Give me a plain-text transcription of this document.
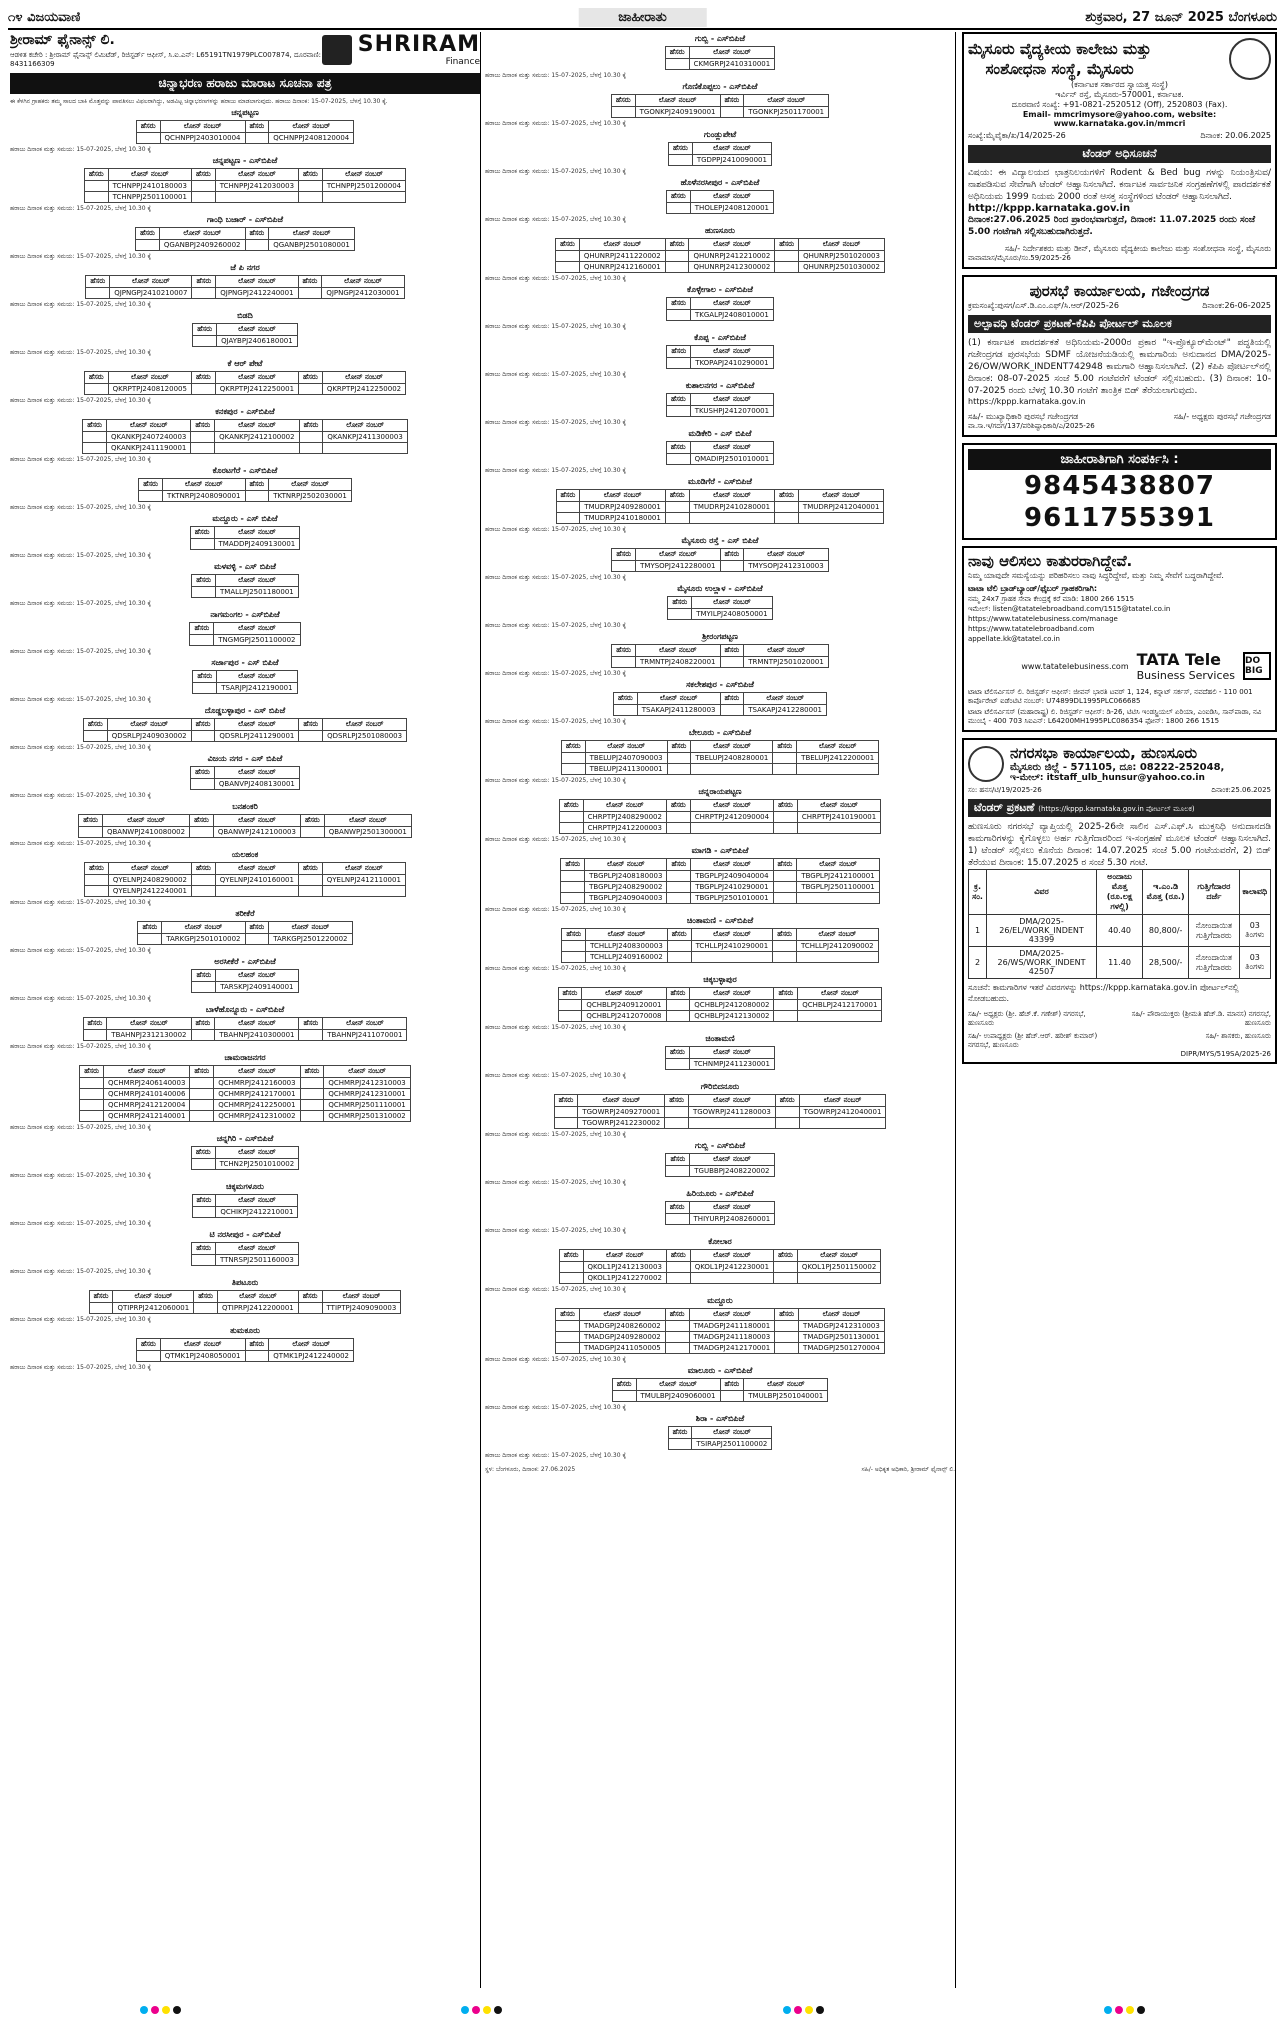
೧೪ ವಿಜಯವಾಣಿ	ಜಾಹೀರಾತು	ಶುಕ್ರವಾರ, 27 ಜೂನ್ 2025 ಬೆಂಗಳೂರು
ಶ್ರೀರಾಮ್ ಫೈನಾನ್ಸ್ ಲಿ.
ಆಡಳಿತ ಕಚೇರಿ : ಶ್ರೀರಾಮ್ ಫೈನಾನ್ಸ್ ಲಿಮಿಟೆಡ್, ರಿಜಿಸ್ಟರ್ಡ್ ಆಫೀಸ್, ಸಿ.ಐ.ಎನ್: L65191TN1979PLC007874, ದೂರವಾಣಿ: 8431166309
SHRIRAM
Finance
ಚಿನ್ನಾಭರಣ ಹರಾಜು ಮಾರಾಟ ಸೂಚನಾ ಪತ್ರ
ಈ ಕೆಳಗಿನ ಗ್ರಾಹಕರು ತಮ್ಮ ಸಾಲದ ಬಾಕಿ ಮೊತ್ತವನ್ನು ಪಾವತಿಸಲು ವಿಫಲರಾಗಿದ್ದು, ಅಡವಿಟ್ಟ ಚಿನ್ನಾಭರಣಗಳನ್ನು ಹರಾಜು ಮಾಡಲಾಗುವುದು. ಹರಾಜು ದಿನಾಂಕ: 15-07-2025, ಬೆಳಗ್ಗೆ 10.30 ಕ್ಕೆ.
ಚನ್ನಪಟ್ಟಣ
ಹೆಸರು	ಲೋನ್ ನಂಬರ್	ಹೆಸರು	ಲೋನ್ ನಂಬರ್
	QCHNPPJ2403010004		QCHNPPJ2408120004
ಹರಾಜು ದಿನಾಂಕ ಮತ್ತು ಸಮಯ: 15-07-2025, ಬೆಳಗ್ಗೆ 10.30 ಕ್ಕೆ
ಚನ್ನಪಟ್ಟಣ - ಎಸ್‌ಬಿಪಿಜೆ
ಹೆಸರು	ಲೋನ್ ನಂಬರ್	ಹೆಸರು	ಲೋನ್ ನಂಬರ್	ಹೆಸರು	ಲೋನ್ ನಂಬರ್
	TCHNPPJ2410180003		TCHNPPJ2412030003		TCHNPPJ2501200004
	TCHNPPJ2501100001				
ಹರಾಜು ದಿನಾಂಕ ಮತ್ತು ಸಮಯ: 15-07-2025, ಬೆಳಗ್ಗೆ 10.30 ಕ್ಕೆ
ಗಾಂಧಿ ಬಜಾರ್ - ಎಸ್‌ಬಿಪಿಜೆ
ಹೆಸರು	ಲೋನ್ ನಂಬರ್	ಹೆಸರು	ಲೋನ್ ನಂಬರ್
	QGANBPJ2409260002		QGANBPJ2501080001
ಹರಾಜು ದಿನಾಂಕ ಮತ್ತು ಸಮಯ: 15-07-2025, ಬೆಳಗ್ಗೆ 10.30 ಕ್ಕೆ
ಜೆ ಪಿ ನಗರ
ಹೆಸರು	ಲೋನ್ ನಂಬರ್	ಹೆಸರು	ಲೋನ್ ನಂಬರ್	ಹೆಸರು	ಲೋನ್ ನಂಬರ್
	QJPNGPJ2410210007		QJPNGPJ2412240001		QJPNGPJ2412030001
ಹರಾಜು ದಿನಾಂಕ ಮತ್ತು ಸಮಯ: 15-07-2025, ಬೆಳಗ್ಗೆ 10.30 ಕ್ಕೆ
ಬಿಡದಿ
ಹೆಸರು	ಲೋನ್ ನಂಬರ್
	QJAYBPJ2406180001
ಹರಾಜು ದಿನಾಂಕ ಮತ್ತು ಸಮಯ: 15-07-2025, ಬೆಳಗ್ಗೆ 10.30 ಕ್ಕೆ
ಕೆ ಆರ್ ಪೇಟೆ
ಹೆಸರು	ಲೋನ್ ನಂಬರ್	ಹೆಸರು	ಲೋನ್ ನಂಬರ್	ಹೆಸರು	ಲೋನ್ ನಂಬರ್
	QKRPTPJ2408120005		QKRPTPJ2412250001		QKRPTPJ2412250002
ಹರಾಜು ದಿನಾಂಕ ಮತ್ತು ಸಮಯ: 15-07-2025, ಬೆಳಗ್ಗೆ 10.30 ಕ್ಕೆ
ಕನಕಪುರ - ಎಸ್‌ಬಿಪಿಜೆ
ಹೆಸರು	ಲೋನ್ ನಂಬರ್	ಹೆಸರು	ಲೋನ್ ನಂಬರ್	ಹೆಸರು	ಲೋನ್ ನಂಬರ್
	QKANKPJ2407240003		QKANKPJ2412100002		QKANKPJ2411300003
	QKANKPJ2411190001				
ಹರಾಜು ದಿನಾಂಕ ಮತ್ತು ಸಮಯ: 15-07-2025, ಬೆಳಗ್ಗೆ 10.30 ಕ್ಕೆ
ಕೊರಟಗೆರೆ - ಎಸ್‌ಬಿಪಿಜೆ
ಹೆಸರು	ಲೋನ್ ನಂಬರ್	ಹೆಸರು	ಲೋನ್ ನಂಬರ್
	TKTNRPJ2408090001		TKTNRPJ2502030001
ಹರಾಜು ದಿನಾಂಕ ಮತ್ತು ಸಮಯ: 15-07-2025, ಬೆಳಗ್ಗೆ 10.30 ಕ್ಕೆ
ಮದ್ದೂರು - ಎಸ್ ಬಿಪಿಜೆ
ಹೆಸರು	ಲೋನ್ ನಂಬರ್
	TMADDPJ2409130001
ಹರಾಜು ದಿನಾಂಕ ಮತ್ತು ಸಮಯ: 15-07-2025, ಬೆಳಗ್ಗೆ 10.30 ಕ್ಕೆ
ಮಳವಳ್ಳಿ - ಎಸ್ ಬಿಪಿಜೆ
ಹೆಸರು	ಲೋನ್ ನಂಬರ್
	TMALLPJ2501180001
ಹರಾಜು ದಿನಾಂಕ ಮತ್ತು ಸಮಯ: 15-07-2025, ಬೆಳಗ್ಗೆ 10.30 ಕ್ಕೆ
ನಾಗಮಂಗಲ - ಎಸ್‌ಬಿಪಿಜೆ
ಹೆಸರು	ಲೋನ್ ನಂಬರ್
	TNGMGPJ2501100002
ಹರಾಜು ದಿನಾಂಕ ಮತ್ತು ಸಮಯ: 15-07-2025, ಬೆಳಗ್ಗೆ 10.30 ಕ್ಕೆ
ಸರ್ಜಾಪುರ - ಎಸ್ ಬಿಪಿಜೆ
ಹೆಸರು	ಲೋನ್ ನಂಬರ್
	TSARJPJ2412190001
ಹರಾಜು ದಿನಾಂಕ ಮತ್ತು ಸಮಯ: 15-07-2025, ಬೆಳಗ್ಗೆ 10.30 ಕ್ಕೆ
ದೊಡ್ಡಬಳ್ಳಾಪುರ - ಎಸ್ ಬಿಪಿಜೆ
ಹೆಸರು	ಲೋನ್ ನಂಬರ್	ಹೆಸರು	ಲೋನ್ ನಂಬರ್	ಹೆಸರು	ಲೋನ್ ನಂಬರ್
	QDSRLPJ2409030002		QDSRLPJ2411290001		QDSRLPJ2501080003
ಹರಾಜು ದಿನಾಂಕ ಮತ್ತು ಸಮಯ: 15-07-2025, ಬೆಳಗ್ಗೆ 10.30 ಕ್ಕೆ
ವಿಜಯ ನಗರ - ಎಸ್ ಬಿಪಿಜೆ
ಹೆಸರು	ಲೋನ್ ನಂಬರ್
	QBANVPJ2408130001
ಹರಾಜು ದಿನಾಂಕ ಮತ್ತು ಸಮಯ: 15-07-2025, ಬೆಳಗ್ಗೆ 10.30 ಕ್ಕೆ
ಬನಶಂಕರಿ
ಹೆಸರು	ಲೋನ್ ನಂಬರ್	ಹೆಸರು	ಲೋನ್ ನಂಬರ್	ಹೆಸರು	ಲೋನ್ ನಂಬರ್
	QBANWPJ2410080002		QBANWPJ2412100003		QBANWPJ2501300001
ಹರಾಜು ದಿನಾಂಕ ಮತ್ತು ಸಮಯ: 15-07-2025, ಬೆಳಗ್ಗೆ 10.30 ಕ್ಕೆ
ಯಲಹಂಕ
ಹೆಸರು	ಲೋನ್ ನಂಬರ್	ಹೆಸರು	ಲೋನ್ ನಂಬರ್	ಹೆಸರು	ಲೋನ್ ನಂಬರ್
	QYELNPJ2408290002		QYELNPJ2410160001		QYELNPJ2412110001
	QYELNPJ2412240001				
ಹರಾಜು ದಿನಾಂಕ ಮತ್ತು ಸಮಯ: 15-07-2025, ಬೆಳಗ್ಗೆ 10.30 ಕ್ಕೆ
ತರೀಕೆರೆ
ಹೆಸರು	ಲೋನ್ ನಂಬರ್	ಹೆಸರು	ಲೋನ್ ನಂಬರ್
	TARKGPJ2501010002		TARKGPJ2501220002
ಹರಾಜು ದಿನಾಂಕ ಮತ್ತು ಸಮಯ: 15-07-2025, ಬೆಳಗ್ಗೆ 10.30 ಕ್ಕೆ
ಅರಸೀಕೆರೆ - ಎಸ್‌ಬಿಪಿಜೆ
ಹೆಸರು	ಲೋನ್ ನಂಬರ್
	TARSKPJ2409140001
ಹರಾಜು ದಿನಾಂಕ ಮತ್ತು ಸಮಯ: 15-07-2025, ಬೆಳಗ್ಗೆ 10.30 ಕ್ಕೆ
ಬಾಳೆಹೊನ್ನೂರು - ಎಸ್‌ಬಿಪಿಜೆ
ಹೆಸರು	ಲೋನ್ ನಂಬರ್	ಹೆಸರು	ಲೋನ್ ನಂಬರ್	ಹೆಸರು	ಲೋನ್ ನಂಬರ್
	TBAHNPJ2312130002		TBAHNPJ2410300001		TBAHNPJ2411070001
ಹರಾಜು ದಿನಾಂಕ ಮತ್ತು ಸಮಯ: 15-07-2025, ಬೆಳಗ್ಗೆ 10.30 ಕ್ಕೆ
ಚಾಮರಾಜನಗರ
ಹೆಸರು	ಲೋನ್ ನಂಬರ್	ಹೆಸರು	ಲೋನ್ ನಂಬರ್	ಹೆಸರು	ಲೋನ್ ನಂಬರ್
	QCHMRPJ2406140003		QCHMRPJ2412160003		QCHMRPJ2412310003
	QCHMRPJ2410140006		QCHMRPJ2412170001		QCHMRPJ2412310001
	QCHMRPJ2412120004		QCHMRPJ2412250001		QCHMRPJ2501110001
	QCHMRPJ2412140001		QCHMRPJ2412310002		QCHMRPJ2501310002
ಹರಾಜು ದಿನಾಂಕ ಮತ್ತು ಸಮಯ: 15-07-2025, ಬೆಳಗ್ಗೆ 10.30 ಕ್ಕೆ
ಚನ್ನಗಿರಿ - ಎಸ್‌ಬಿಪಿಜೆ
ಹೆಸರು	ಲೋನ್ ನಂಬರ್
	TCHN2PJ2501010002
ಹರಾಜು ದಿನಾಂಕ ಮತ್ತು ಸಮಯ: 15-07-2025, ಬೆಳಗ್ಗೆ 10.30 ಕ್ಕೆ
ಚಿಕ್ಕಮಗಳೂರು
ಹೆಸರು	ಲೋನ್ ನಂಬರ್
	QCHIKPJ2412210001
ಹರಾಜು ದಿನಾಂಕ ಮತ್ತು ಸಮಯ: 15-07-2025, ಬೆಳಗ್ಗೆ 10.30 ಕ್ಕೆ
ಟಿ ನರಸೀಪುರ - ಎಸ್‌ಬಿಪಿಜೆ
ಹೆಸರು	ಲೋನ್ ನಂಬರ್
	TTNRSPJ2501160003
ಹರಾಜು ದಿನಾಂಕ ಮತ್ತು ಸಮಯ: 15-07-2025, ಬೆಳಗ್ಗೆ 10.30 ಕ್ಕೆ
ತಿಪಟೂರು
ಹೆಸರು	ಲೋನ್ ನಂಬರ್	ಹೆಸರು	ಲೋನ್ ನಂಬರ್	ಹೆಸರು	ಲೋನ್ ನಂಬರ್
	QTIPRPJ2412060001		QTIPRPJ2412200001		TTIPTPJ2409090003
ಹರಾಜು ದಿನಾಂಕ ಮತ್ತು ಸಮಯ: 15-07-2025, ಬೆಳಗ್ಗೆ 10.30 ಕ್ಕೆ
ತುಮಕೂರು
ಹೆಸರು	ಲೋನ್ ನಂಬರ್	ಹೆಸರು	ಲೋನ್ ನಂಬರ್
	QTMK1PJ2408050001		QTMK1PJ2412240002
ಹರಾಜು ದಿನಾಂಕ ಮತ್ತು ಸಮಯ: 15-07-2025, ಬೆಳಗ್ಗೆ 10.30 ಕ್ಕೆ
ಗುಬ್ಬಿ - ಎಸ್‌ಬಿಪಿಜೆ
ಹೆಸರು	ಲೋನ್ ನಂಬರ್
	CKMGRPJ2410310001
ಹರಾಜು ದಿನಾಂಕ ಮತ್ತು ಸಮಯ: 15-07-2025, ಬೆಳಗ್ಗೆ 10.30 ಕ್ಕೆ
ಗೊಣಿಕೊಪ್ಪಲು - ಎಸ್‌ಬಿಪಿಜೆ
ಹೆಸರು	ಲೋನ್ ನಂಬರ್	ಹೆಸರು	ಲೋನ್ ನಂಬರ್
	TGONKPJ2409190001		TGONKPJ2501170001
ಹರಾಜು ದಿನಾಂಕ ಮತ್ತು ಸಮಯ: 15-07-2025, ಬೆಳಗ್ಗೆ 10.30 ಕ್ಕೆ
ಗುಂಡ್ಲುಪೇಟೆ
ಹೆಸರು	ಲೋನ್ ನಂಬರ್
	TGDPPJ2410090001
ಹರಾಜು ದಿನಾಂಕ ಮತ್ತು ಸಮಯ: 15-07-2025, ಬೆಳಗ್ಗೆ 10.30 ಕ್ಕೆ
ಹೊಳೆನರಸೀಪುರ - ಎಸ್‌ಬಿಪಿಜೆ
ಹೆಸರು	ಲೋನ್ ನಂಬರ್
	THOLEPJ2408120001
ಹರಾಜು ದಿನಾಂಕ ಮತ್ತು ಸಮಯ: 15-07-2025, ಬೆಳಗ್ಗೆ 10.30 ಕ್ಕೆ
ಹುಣಸೂರು
ಹೆಸರು	ಲೋನ್ ನಂಬರ್	ಹೆಸರು	ಲೋನ್ ನಂಬರ್	ಹೆಸರು	ಲೋನ್ ನಂಬರ್
	QHUNRPJ2411220002		QHUNRPJ2412210002		QHUNRPJ2501020003
	QHUNRPJ2412160001		QHUNRPJ2412300002		QHUNRPJ2501030002
ಹರಾಜು ದಿನಾಂಕ ಮತ್ತು ಸಮಯ: 15-07-2025, ಬೆಳಗ್ಗೆ 10.30 ಕ್ಕೆ
ಕೊಳ್ಳೇಗಾಲ - ಎಸ್‌ಬಿಪಿಜೆ
ಹೆಸರು	ಲೋನ್ ನಂಬರ್
	TKGALPJ2408010001
ಹರಾಜು ದಿನಾಂಕ ಮತ್ತು ಸಮಯ: 15-07-2025, ಬೆಳಗ್ಗೆ 10.30 ಕ್ಕೆ
ಕೊಪ್ಪ - ಎಸ್‌ಬಿಪಿಜೆ
ಹೆಸರು	ಲೋನ್ ನಂಬರ್
	TKOPAPJ2410290001
ಹರಾಜು ದಿನಾಂಕ ಮತ್ತು ಸಮಯ: 15-07-2025, ಬೆಳಗ್ಗೆ 10.30 ಕ್ಕೆ
ಕುಶಾಲನಗರ - ಎಸ್‌ಬಿಪಿಜೆ
ಹೆಸರು	ಲೋನ್ ನಂಬರ್
	TKUSHPJ2412070001
ಹರಾಜು ದಿನಾಂಕ ಮತ್ತು ಸಮಯ: 15-07-2025, ಬೆಳಗ್ಗೆ 10.30 ಕ್ಕೆ
ಮಡಿಕೇರಿ - ಎಸ್ ಬಿಪಿಜೆ
ಹೆಸರು	ಲೋನ್ ನಂಬರ್
	QMADIPJ2501010001
ಹರಾಜು ದಿನಾಂಕ ಮತ್ತು ಸಮಯ: 15-07-2025, ಬೆಳಗ್ಗೆ 10.30 ಕ್ಕೆ
ಮೂಡಿಗೆರೆ - ಎಸ್‌ಬಿಪಿಜೆ
ಹೆಸರು	ಲೋನ್ ನಂಬರ್	ಹೆಸರು	ಲೋನ್ ನಂಬರ್	ಹೆಸರು	ಲೋನ್ ನಂಬರ್
	TMUDRPJ2409280001		TMUDRPJ2410280001		TMUDRPJ2412040001
	TMUDRPJ2410180001				
ಹರಾಜು ದಿನಾಂಕ ಮತ್ತು ಸಮಯ: 15-07-2025, ಬೆಳಗ್ಗೆ 10.30 ಕ್ಕೆ
ಮೈಸೂರು ರಸ್ತೆ - ಎಸ್ ಬಿಪಿಜೆ
ಹೆಸರು	ಲೋನ್ ನಂಬರ್	ಹೆಸರು	ಲೋನ್ ನಂಬರ್
	TMYSOPJ2412280001		TMYSOPJ2412310003
ಹರಾಜು ದಿನಾಂಕ ಮತ್ತು ಸಮಯ: 15-07-2025, ಬೆಳಗ್ಗೆ 10.30 ಕ್ಕೆ
ಮೈಸೂರು ಉಲ್ಲಾಳ - ಎಸ್‌ಬಿಪಿಜೆ
ಹೆಸರು	ಲೋನ್ ನಂಬರ್
	TMYILPJ2408050001
ಹರಾಜು ದಿನಾಂಕ ಮತ್ತು ಸಮಯ: 15-07-2025, ಬೆಳಗ್ಗೆ 10.30 ಕ್ಕೆ
ಶ್ರೀರಂಗಪಟ್ಟಣ
ಹೆಸರು	ಲೋನ್ ನಂಬರ್	ಹೆಸರು	ಲೋನ್ ನಂಬರ್
	TRMNTPJ2408220001		TRMNTPJ2501020001
ಹರಾಜು ದಿನಾಂಕ ಮತ್ತು ಸಮಯ: 15-07-2025, ಬೆಳಗ್ಗೆ 10.30 ಕ್ಕೆ
ಸಕಲೇಶಪುರ - ಎಸ್‌ಬಿಪಿಜೆ
ಹೆಸರು	ಲೋನ್ ನಂಬರ್	ಹೆಸರು	ಲೋನ್ ನಂಬರ್
	TSAKAPJ2411280003		TSAKAPJ2412280001
ಹರಾಜು ದಿನಾಂಕ ಮತ್ತು ಸಮಯ: 15-07-2025, ಬೆಳಗ್ಗೆ 10.30 ಕ್ಕೆ
ಬೇಲೂರು - ಎಸ್‌ಬಿಪಿಜೆ
ಹೆಸರು	ಲೋನ್ ನಂಬರ್	ಹೆಸರು	ಲೋನ್ ನಂಬರ್	ಹೆಸರು	ಲೋನ್ ನಂಬರ್
	TBELUPJ2407090003		TBELUPJ2408280001		TBELUPJ2412200001
	TBELUPJ2411300001				
ಹರಾಜು ದಿನಾಂಕ ಮತ್ತು ಸಮಯ: 15-07-2025, ಬೆಳಗ್ಗೆ 10.30 ಕ್ಕೆ
ಚನ್ನರಾಯಪಟ್ಟಣ
ಹೆಸರು	ಲೋನ್ ನಂಬರ್	ಹೆಸರು	ಲೋನ್ ನಂಬರ್	ಹೆಸರು	ಲೋನ್ ನಂಬರ್
	CHRPTPJ2408290002		CHRPTPJ2412090004		CHRPTPJ2410190001
	CHRPTPJ2412200003				
ಹರಾಜು ದಿನಾಂಕ ಮತ್ತು ಸಮಯ: 15-07-2025, ಬೆಳಗ್ಗೆ 10.30 ಕ್ಕೆ
ಮಾಗಡಿ - ಎಸ್‌ಬಿಪಿಜೆ
ಹೆಸರು	ಲೋನ್ ನಂಬರ್	ಹೆಸರು	ಲೋನ್ ನಂಬರ್	ಹೆಸರು	ಲೋನ್ ನಂಬರ್
	TBGPLPJ2408180003		TBGPLPJ2409040004		TBGPLPJ2412100001
	TBGPLPJ2408290002		TBGPLPJ2410290001		TBGPLPJ2501100001
	TBGPLPJ2409040003		TBGPLPJ2501010001		
ಹರಾಜು ದಿನಾಂಕ ಮತ್ತು ಸಮಯ: 15-07-2025, ಬೆಳಗ್ಗೆ 10.30 ಕ್ಕೆ
ಚಿಂತಾಮಣಿ - ಎಸ್‌ಬಿಪಿಜೆ
ಹೆಸರು	ಲೋನ್ ನಂಬರ್	ಹೆಸರು	ಲೋನ್ ನಂಬರ್	ಹೆಸರು	ಲೋನ್ ನಂಬರ್
	TCHLLPJ2408300003		TCHLLPJ2410290001		TCHLLPJ2412090002
	TCHLLPJ2409160002				
ಹರಾಜು ದಿನಾಂಕ ಮತ್ತು ಸಮಯ: 15-07-2025, ಬೆಳಗ್ಗೆ 10.30 ಕ್ಕೆ
ಚಿಕ್ಕಬಳ್ಳಾಪುರ
ಹೆಸರು	ಲೋನ್ ನಂಬರ್	ಹೆಸರು	ಲೋನ್ ನಂಬರ್	ಹೆಸರು	ಲೋನ್ ನಂಬರ್
	QCHBLPJ2409120001		QCHBLPJ2412080002		QCHBLPJ2412170001
	QCHBLPJ2412070008		QCHBLPJ2412130002		
ಹರಾಜು ದಿನಾಂಕ ಮತ್ತು ಸಮಯ: 15-07-2025, ಬೆಳಗ್ಗೆ 10.30 ಕ್ಕೆ
ಚಿಂತಾಮಣಿ
ಹೆಸರು	ಲೋನ್ ನಂಬರ್
	TCHNMPJ2411230001
ಹರಾಜು ದಿನಾಂಕ ಮತ್ತು ಸಮಯ: 15-07-2025, ಬೆಳಗ್ಗೆ 10.30 ಕ್ಕೆ
ಗೌರಿಬಿದನೂರು
ಹೆಸರು	ಲೋನ್ ನಂಬರ್	ಹೆಸರು	ಲೋನ್ ನಂಬರ್	ಹೆಸರು	ಲೋನ್ ನಂಬರ್
	TGOWRPJ2409270001		TGOWRPJ2411280003		TGOWRPJ2412040001
	TGOWRPJ2412230002				
ಹರಾಜು ದಿನಾಂಕ ಮತ್ತು ಸಮಯ: 15-07-2025, ಬೆಳಗ್ಗೆ 10.30 ಕ್ಕೆ
ಗುಬ್ಬಿ - ಎಸ್‌ಬಿಪಿಜೆ
ಹೆಸರು	ಲೋನ್ ನಂಬರ್
	TGUBBPJ2408220002
ಹರಾಜು ದಿನಾಂಕ ಮತ್ತು ಸಮಯ: 15-07-2025, ಬೆಳಗ್ಗೆ 10.30 ಕ್ಕೆ
ಹಿರಿಯೂರು - ಎಸ್‌ಬಿಪಿಜೆ
ಹೆಸರು	ಲೋನ್ ನಂಬರ್
	THIYURPJ2408260001
ಹರಾಜು ದಿನಾಂಕ ಮತ್ತು ಸಮಯ: 15-07-2025, ಬೆಳಗ್ಗೆ 10.30 ಕ್ಕೆ
ಕೋಲಾರ
ಹೆಸರು	ಲೋನ್ ನಂಬರ್	ಹೆಸರು	ಲೋನ್ ನಂಬರ್	ಹೆಸರು	ಲೋನ್ ನಂಬರ್
	QKOL1PJ2412130003		QKOL1PJ2412230001		QKOL1PJ2501150002
	QKOL1PJ2412270002				
ಹರಾಜು ದಿನಾಂಕ ಮತ್ತು ಸಮಯ: 15-07-2025, ಬೆಳಗ್ಗೆ 10.30 ಕ್ಕೆ
ಮದ್ದೂರು
ಹೆಸರು	ಲೋನ್ ನಂಬರ್	ಹೆಸರು	ಲೋನ್ ನಂಬರ್	ಹೆಸರು	ಲೋನ್ ನಂಬರ್
	TMADGPJ2408260002		TMADGPJ2411180001		TMADGPJ2412310003
	TMADGPJ2409280002		TMADGPJ2411180003		TMADGPJ2501130001
	TMADGPJ2411050005		TMADGPJ2412170001		TMADGPJ2501270004
ಹರಾಜು ದಿನಾಂಕ ಮತ್ತು ಸಮಯ: 15-07-2025, ಬೆಳಗ್ಗೆ 10.30 ಕ್ಕೆ
ಮಾಲೂರು - ಎಸ್‌ಬಿಪಿಜೆ
ಹೆಸರು	ಲೋನ್ ನಂಬರ್	ಹೆಸರು	ಲೋನ್ ನಂಬರ್
	TMULBPJ2409060001		TMULBPJ2501040001
ಹರಾಜು ದಿನಾಂಕ ಮತ್ತು ಸಮಯ: 15-07-2025, ಬೆಳಗ್ಗೆ 10.30 ಕ್ಕೆ
ಶಿರಾ - ಎಸ್‌ಬಿಪಿಜೆ
ಹೆಸರು	ಲೋನ್ ನಂಬರ್
	TSIRAPJ2501100002
ಹರಾಜು ದಿನಾಂಕ ಮತ್ತು ಸಮಯ: 15-07-2025, ಬೆಳಗ್ಗೆ 10.30 ಕ್ಕೆ
ಸ್ಥಳ: ಬೆಂಗಳೂರು, ದಿನಾಂಕ: 27.06.2025	ಸಹಿ/- ಅಧಿಕೃತ ಅಧಿಕಾರಿ, ಶ್ರೀರಾಮ್ ಫೈನಾನ್ಸ್ ಲಿ.
ಮೈಸೂರು ವೈದ್ಯಕೀಯ ಕಾಲೇಜು ಮತ್ತು
ಸಂಶೋಧನಾ ಸಂಸ್ಥೆ, ಮೈಸೂರು
(ಕರ್ನಾಟಕ ಸರ್ಕಾರದ ಸ್ವಾಯತ್ತ ಸಂಸ್ಥೆ)
ಇರ್ವಿನ್ ರಸ್ತೆ, ಮೈಸೂರು-570001, ಕರ್ನಾಟಕ.
ದೂರವಾಣಿ ಸಂಖ್ಯೆ: +91-0821-2520512 (Off), 2520803 (Fax).
Email- mmcrimysore@yahoo.com, website: www.karnataka.gov.in/mmcri
ಸಂಖ್ಯೆ:ಮೈವೈಕಾ/ಖ/14/2025-26	ದಿನಾಂಕ: 20.06.2025
ಟೆಂಡರ್ ಅಧಿಸೂಚನೆ
ವಿಷಯ: ಈ ವಿದ್ಯಾಲಯದ ಛಾತ್ರನಿಲಯಗಳಿಗೆ Rodent & Bed bug ಗಳನ್ನು ನಿಯಂತ್ರಿಸುವ/ನಾಶಪಡಿಸುವ ಸೇವೆಗಾಗಿ ಟೆಂಡರ್ ಆಹ್ವಾನಿಸಲಾಗಿದೆ. ಕರ್ನಾಟಕ ಸಾರ್ವಜನಿಕ ಸಂಗ್ರಹಣೆಗಳಲ್ಲಿ ಪಾರದರ್ಶಕತೆ ಅಧಿನಿಯಮ 1999 ನಿಯಮ 2000 ರಂತೆ ಆಸಕ್ತ ಸಂಸ್ಥೆಗಳಿಂದ ಟೆಂಡರ್ ಆಹ್ವಾನಿಸಲಾಗಿದೆ.
http://kppp.karnataka.gov.in
ದಿನಾಂಕ:27.06.2025 ರಿಂದ ಪ್ರಾರಂಭವಾಗುತ್ತದೆ, ದಿನಾಂಕ: 11.07.2025 ರಂದು ಸಂಜೆ 5.00 ಗಂಟೆಗಾಗಿ ಸಲ್ಲಿಸಬಹುದಾಗಿರುತ್ತದೆ.
ಸಹಿ/- ನಿರ್ದೇಶಕರು ಮತ್ತು ಡೀನ್, ಮೈಸೂರು ವೈದ್ಯಕೀಯ ಕಾಲೇಜು ಮತ್ತು ಸಂಶೋಧನಾ ಸಂಸ್ಥೆ, ಮೈಸೂರು
ವಾವಾಮಾಸ/ಮೈಸೂರು/ಸಂ.59/2025-26
ಪುರಸಭೆ ಕಾರ್ಯಾಲಯ, ಗಜೇಂದ್ರಗಡ
ಕ್ರಮಸಂಖ್ಯೆ:ಪುಸಗ/ಎಸ್.ಡಿ.ಎಂ.ಎಫ್/ಸಿ.ಆರ್/2025-26	ದಿನಾಂಕ:26-06-2025
ಅಲ್ಪಾವಧಿ ಟೆಂಡರ್ ಪ್ರಕಟಣೆ-ಕೆಪಿಪಿ ಪೋರ್ಟಲ್ ಮೂಲಕ
(1) ಕರ್ನಾಟಕ ಪಾರದರ್ಶಕತೆ ಅಧಿನಿಯಮ-2000ರ ಪ್ರಕಾರ "ಇ-ಪ್ರೊಕ್ಯೂರ್‌ಮೆಂಟ್" ಪದ್ಧತಿಯಲ್ಲಿ ಗಜೇಂದ್ರಗಡ ಪುರಸಭೆಯ SDMF ಯೋಜನೆಯಡಿಯಲ್ಲಿ ಕಾಮಗಾರಿಯ ಅನುದಾನದ DMA/2025-26/OW/WORK_INDENT742948 ಕಾಮಗಾರಿ ಆಹ್ವಾನಿಸಲಾಗಿದೆ. (2) ಕೆಪಿಪಿ ಪೋರ್ಟಲ್‌ನಲ್ಲಿ ದಿನಾಂಕ: 08-07-2025 ಸಂಜೆ 5.00 ಗಂಟೆವರೆಗೆ ಟೆಂಡರ್ ಸಲ್ಲಿಸಬಹುದು. (3) ದಿನಾಂಕ: 10-07-2025 ರಂದು ಬೆಳಗ್ಗೆ 10.30 ಗಂಟೆಗೆ ತಾಂತ್ರಿಕ ಬಿಡ್ ತೆರೆಯಲಾಗುವುದು.
https://kppp.karnataka.gov.in
ಸಹಿ/- ಮುಖ್ಯಾಧಿಕಾರಿ ಪುರಸಭೆ ಗಜೇಂದ್ರಗಡ	ಸಹಿ/- ಅಧ್ಯಕ್ಷರು ಪುರಸಭೆ ಗಜೇಂದ್ರಗಡ
ವಾ.ಸಾ.ಇ/ಗದಗ/137/ಪರಿಶಿಷ್ಟಾಧಿಕಾರಿ/ಎ/2025-26
ಜಾಹೀರಾತಿಗಾಗಿ ಸಂಪರ್ಕಿಸಿ :
9845438807
9611755391
ನಾವು ಆಲಿಸಲು ಕಾತುರರಾಗಿದ್ದೇವೆ.
ನಿಮ್ಮ ಯಾವುದೇ ಸಮಸ್ಯೆಯನ್ನು ಪರಿಹರಿಸಲು ನಾವು ಸಿದ್ಧರಿದ್ದೇವೆ, ಮತ್ತು ನಿಮ್ಮ ಸೇವೆಗೆ ಬದ್ಧರಾಗಿದ್ದೇವೆ.
ಟಾಟಾ ಟೆಲಿ ಬ್ರಾಡ್‌ಬ್ಯಾಂಡ್/ಫೈಬರ್ ಗ್ರಾಹಕರಿಗಾಗಿ:
ನಮ್ಮ 24x7 ಗ್ರಾಹಕ ಸೇವಾ ಕೇಂದ್ರಕ್ಕೆ ಕರೆ ಮಾಡಿ: 1800 266 1515
ಇಮೇಲ್: listen@tatatelebroadband.com/1515@tatatel.co.in
https://www.tatatelebusiness.com/manage
https://www.tatatelebroadband.com
appellate.kk@tatatel.co.in
www.tatatelebusiness.com TATA Tele
Business Services
DO BIG
ಟಾಟಾ ಟೆಲಿಸರ್ವಿಸಸ್ ಲಿ. ರಿಜಿಸ್ಟರ್ಡ್ ಆಫೀಸ್: ಜೀವನ್ ಭಾರತಿ ಟವರ್ 1, 124, ಕನ್ನಾಟ್ ಸರ್ಕಸ್, ನವದೆಹಲಿ - 110 001 ಕಾರ್ಪೊರೇಟ್ ಐಡೆಂಟಿಟಿ ನಂಬರ್: U74899DL1995PLC066685
ಟಾಟಾ ಟೆಲಿಸರ್ವಿಸಸ್ (ಮಹಾರಾಷ್ಟ್ರ) ಲಿ. ರಿಜಿಸ್ಟರ್ಡ್ ಆಫೀಸ್: ಡಿ-26, ಟಿಟಿಸಿ ಇಂಡಸ್ಟ್ರಿಯಲ್ ಏರಿಯಾ, ಎಂಐಡಿಸಿ, ಸಾನ್‌ಪಾಡಾ, ನವಿ ಮುಂಬೈ - 400 703 ಸಿಐಎನ್: L64200MH1995PLC086354 ಫೋನ್: 1800 266 1515
ನಗರಸಭಾ ಕಾರ್ಯಾಲಯ, ಹುಣಸೂರು
ಮೈಸೂರು ಜಿಲ್ಲೆ - 571105, ದೂ: 08222-252048,
ಇ-ಮೇಲ್: itstaff_ulb_hunsur@yahoo.co.in
ಸಂ: ಹನಸ/ಟಿ/19/2025-26	ದಿನಾಂಕ:25.06.2025
ಟೆಂಡರ್ ಪ್ರಕಟಣೆ (https://kppp.karnataka.gov.in ಪೋರ್ಟಲ್ ಮೂಲಕ)
ಹುಣಸೂರು ನಗರಸಭೆ ವ್ಯಾಪ್ತಿಯಲ್ಲಿ 2025-26ನೇ ಸಾಲಿನ ಎಸ್.ಎಫ್.ಸಿ ಮುಕ್ತನಿಧಿ ಅನುದಾನದಡಿ ಕಾಮಗಾರಿಗಳನ್ನು ಕೈಗೊಳ್ಳಲು ಅರ್ಹ ಗುತ್ತಿಗೆದಾರರಿಂದ ಇ-ಸಂಗ್ರಹಣೆ ಮೂಲಕ ಟೆಂಡರ್ ಆಹ್ವಾನಿಸಲಾಗಿದೆ. 1) ಟೆಂಡರ್ ಸಲ್ಲಿಸಲು ಕೊನೆಯ ದಿನಾಂಕ: 14.07.2025 ಸಂಜೆ 5.00 ಗಂಟೆಯವರೆಗೆ, 2) ಬಿಡ್ ತೆರೆಯುವ ದಿನಾಂಕ: 15.07.2025 ರ ಸಂಜೆ 5.30 ಗಂಟೆ.
ಕ್ರ. ಸಂ.	ವಿವರ	ಅಂದಾಜು ಮೊತ್ತ (ರೂ.ಲಕ್ಷ ಗಳಲ್ಲಿ)	ಇ.ಎಂ.ಡಿ ಮೊತ್ತ (ರೂ.)	ಗುತ್ತಿಗೆದಾರರ ದರ್ಜೆ	ಕಾಲಾವಧಿ
1	DMA/2025-26/EL/WORK_INDENT 43399	40.40	80,800/-	ನೋಂದಾಯಿತ ಗುತ್ತಿಗೆದಾರರು	03 ತಿಂಗಳು
2	DMA/2025-26/WS/WORK_INDENT 42507	11.40	28,500/-	ನೋಂದಾಯಿತ ಗುತ್ತಿಗೆದಾರರು	03 ತಿಂಗಳು
ಸೂಚನೆ: ಕಾಮಗಾರಿಗಳ ಇತರೆ ವಿವರಗಳನ್ನು https://kppp.karnataka.gov.in ಪೋರ್ಟಲ್‌ನಲ್ಲಿ ನೋಡಬಹುದು.
ಸಹಿ/- ಅಧ್ಯಕ್ಷರು (ಶ್ರೀ. ಹೆಚ್.ಕೆ. ಗಣೇಶ್) ನಗರಸಭೆ, ಹುಣಸೂರು
ಸಹಿ/- ಪೌರಾಯುಕ್ತರು (ಶ್ರೀಮತಿ ಹೆಚ್.ಡಿ. ಮಾನಸ) ನಗರಸಭೆ, ಹುಣಸೂರು
ಸಹಿ/- ಉಪಾಧ್ಯಕ್ಷರು (ಶ್ರೀ ಹೆಚ್.ಆರ್. ಹರೀಶ್ ಕುಮಾರ್) ನಗರಸಭೆ, ಹುಣಸೂರು
ಸಹಿ/- ಶಾಸಕರು, ಹುಣಸೂರು
DIPR/MYS/519SA/2025-26
